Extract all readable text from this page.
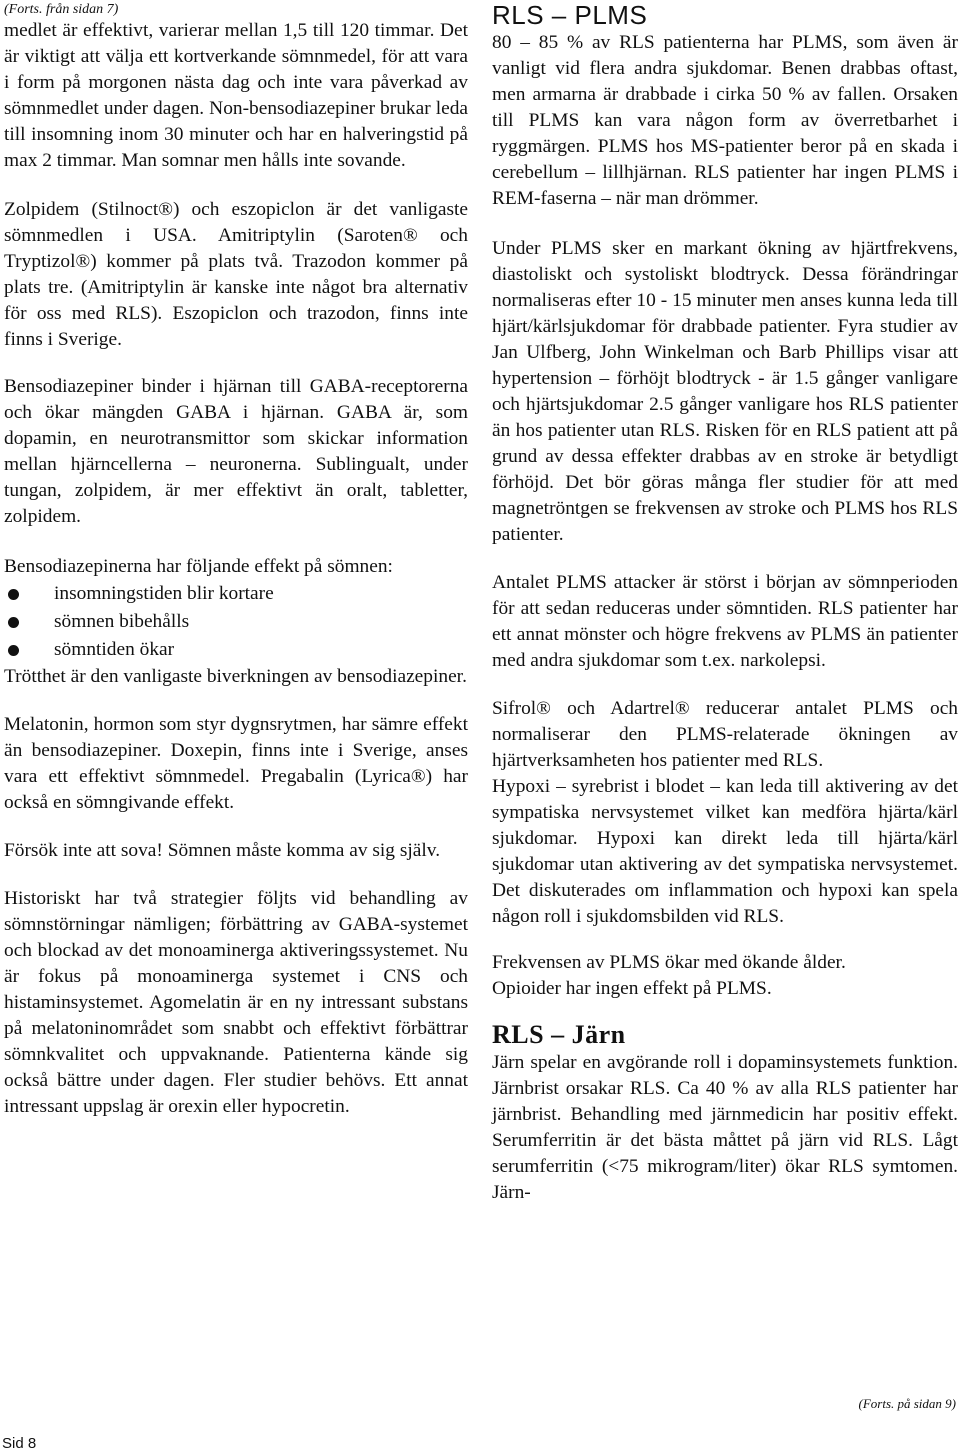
(Forts. från sidan 7)

medlet är effektivt, varierar mellan 1,5 till 120 timmar. Det är viktigt att välja ett kortverkande sömnmedel, för att vara i form på morgonen nästa dag och inte vara påverkad av sömnmedlet under dagen. Non-bensodiazepiner brukar leda till insomning inom 30 minuter och har en halveringstid på max 2 timmar. Man somnar men hålls inte sovande.

Zolpidem (Stilnoct®) och eszopiclon är det vanligaste sömnmedlen i USA. Amitriptylin (Saroten® och Tryptizol®) kommer på plats två. Trazodon kommer på plats tre. (Amitriptylin är kanske inte något bra alternativ för oss med RLS). Eszopiclon och trazodon, finns inte finns i Sverige.

Bensodiazepiner binder i hjärnan till GABA-receptorerna och ökar mängden GABA i hjärnan. GABA är, som dopamin, en neurotransmittor som skickar information mellan hjärncellerna – neuronerna. Sublingualt, under tungan, zolpidem, är mer effektivt än oralt, tabletter, zolpidem.

Bensodiazepinerna har följande effekt på sömnen:

insomningstiden blir kortare
sömnen bibehålls
sömntiden ökar

Trötthet är den vanligaste biverkningen av bensodiazepiner.

Melatonin, hormon som styr dygnsrytmen, har sämre effekt än bensodiazepiner. Doxepin, finns inte i Sverige, anses vara ett effektivt sömnmedel. Pregabalin (Lyrica®) har också en sömngivande effekt.

Försök inte att sova! Sömnen måste komma av sig själv.

Historiskt har två strategier följts vid behandling av sömnstörningar nämligen; förbättring av GABA-systemet och blockad av det monoaminerga aktiveringssystemet. Nu är fokus på monoaminerga systemet i CNS och histaminsystemet. Agomelatin är en ny intressant substans på melatoninområdet som snabbt och effektivt förbättrar sömnkvalitet och uppvaknande. Patienterna kände sig också bättre under dagen. Fler studier behövs. Ett annat intressant uppslag är orexin eller hypocretin.

RLS – PLMS

80 – 85 % av RLS patienterna har PLMS, som även är vanligt vid flera andra sjukdomar. Benen drabbas oftast, men armarna är drabbade i cirka 50 % av fallen. Orsaken till PLMS kan vara någon form av överretbarhet i ryggmärgen. PLMS hos MS-patienter beror på en skada i cerebellum – lillhjärnan. RLS patienter har ingen PLMS i REM-faserna – när man drömmer.

Under PLMS sker en markant ökning av hjärtfrekvens, diastoliskt och systoliskt blodtryck. Dessa förändringar normaliseras efter 10 - 15 minuter men anses kunna leda till hjärt/kärlsjukdomar för drabbade patienter. Fyra studier av Jan Ulfberg, John Winkelman och Barb Phillips visar att hypertension – förhöjt blodtryck - är 1.5 gånger vanligare och hjärtsjukdomar 2.5 gånger vanligare hos RLS patienter än hos patienter utan RLS. Risken för en RLS patient att på grund av dessa effekter drabbas av en stroke är betydligt förhöjd. Det bör göras många fler studier för att med magnetröntgen se frekvensen av stroke och PLMS hos RLS patienter.

Antalet PLMS attacker är störst i början av sömnperioden för att sedan reduceras under sömntiden. RLS patienter har ett annat mönster och högre frekvens av PLMS än patienter med andra sjukdomar som t.ex. narkolepsi.

Sifrol® och Adartrel® reducerar antalet PLMS och normaliserar den PLMS-relaterade ökningen av hjärtverksamheten hos patienter med RLS.

Hypoxi – syrebrist i blodet – kan leda till aktivering av det sympatiska nervsystemet vilket kan medföra hjärta/kärl sjukdomar. Hypoxi kan direkt leda till hjärta/kärl sjukdomar utan aktivering av det sympatiska nervsystemet. Det diskuterades om inflammation och hypoxi kan spela någon roll i sjukdomsbilden vid RLS.

Frekvensen av PLMS ökar med ökande ålder.

Opioider har ingen effekt på PLMS.

RLS – Järn

Järn spelar en avgörande roll i dopaminsystemets funktion. Järnbrist orsakar RLS. Ca 40 % av alla RLS patienter har järnbrist. Behandling med järnmedicin har positiv effekt. Serumferritin är det bästa måttet på järn vid RLS. Lågt serumferritin (<75 mikrogram/liter) ökar RLS symtomen. Järn-

(Forts. på sidan 9)
Sid 8
